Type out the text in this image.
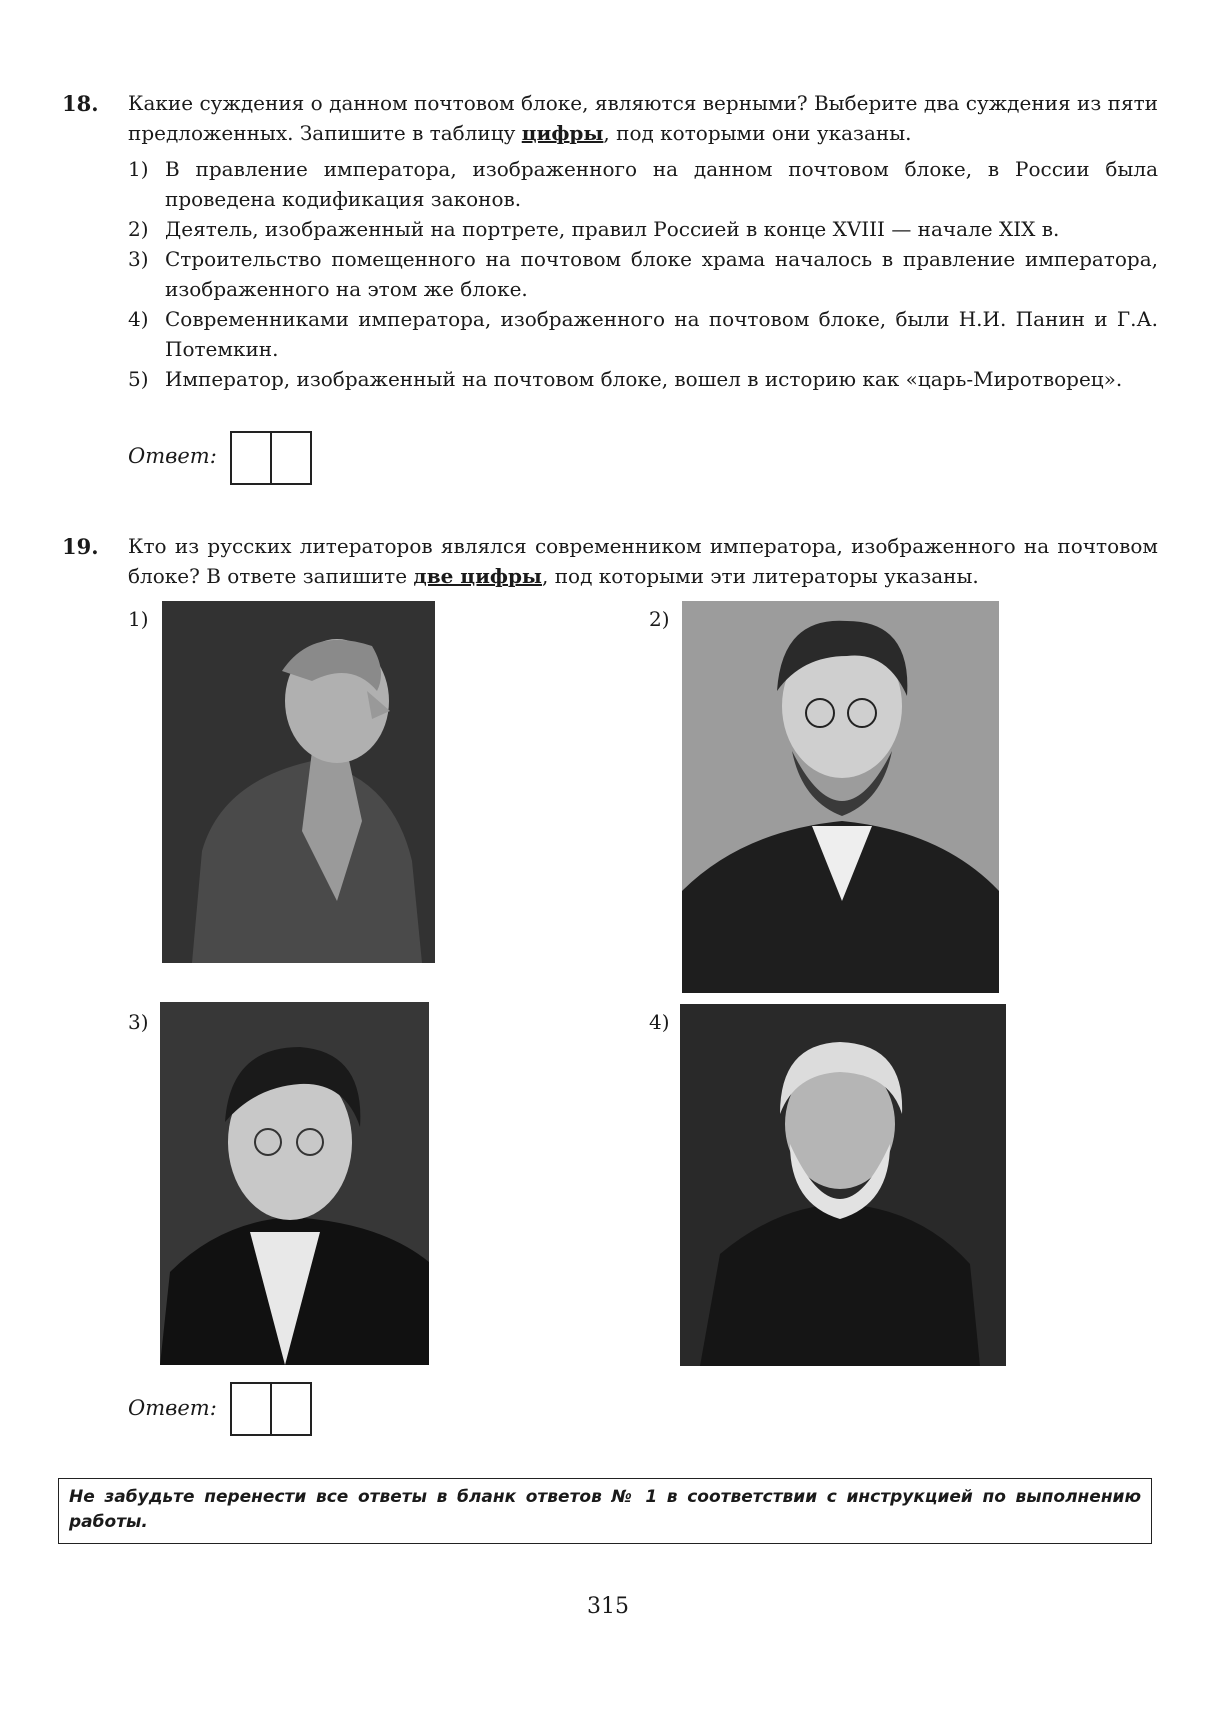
18. Какие суждения о данном почтовом блоке, являются верными? Выберите два суждения из пяти предложенных. Запишите в таблицу цифры, под которыми они указаны.
1) В правление императора, изображенного на данном почтовом блоке, в России была проведена кодификация законов.
2) Деятель, изображенный на портрете, правил Россией в конце XVIII — начале XIX в.
3) Строительство помещенного на почтовом блоке храма началось в правление императора, изображенного на этом же блоке.
4) Современниками императора, изображенного на почтовом блоке, были Н.И. Панин и Г.А. Потемкин.
5) Император, изображенный на почтовом блоке, вошел в историю как «царь-Миротворец».
Ответ:
19. Кто из русских литераторов являлся современником императора, изображенного на почтовом блоке? В ответе запишите две цифры, под которыми эти литераторы указаны.
1)	2)
3)	4)
Ответ:
Не забудьте перенести все ответы в бланк ответов № 1 в соответствии с инструкцией по выполнению работы.
315
